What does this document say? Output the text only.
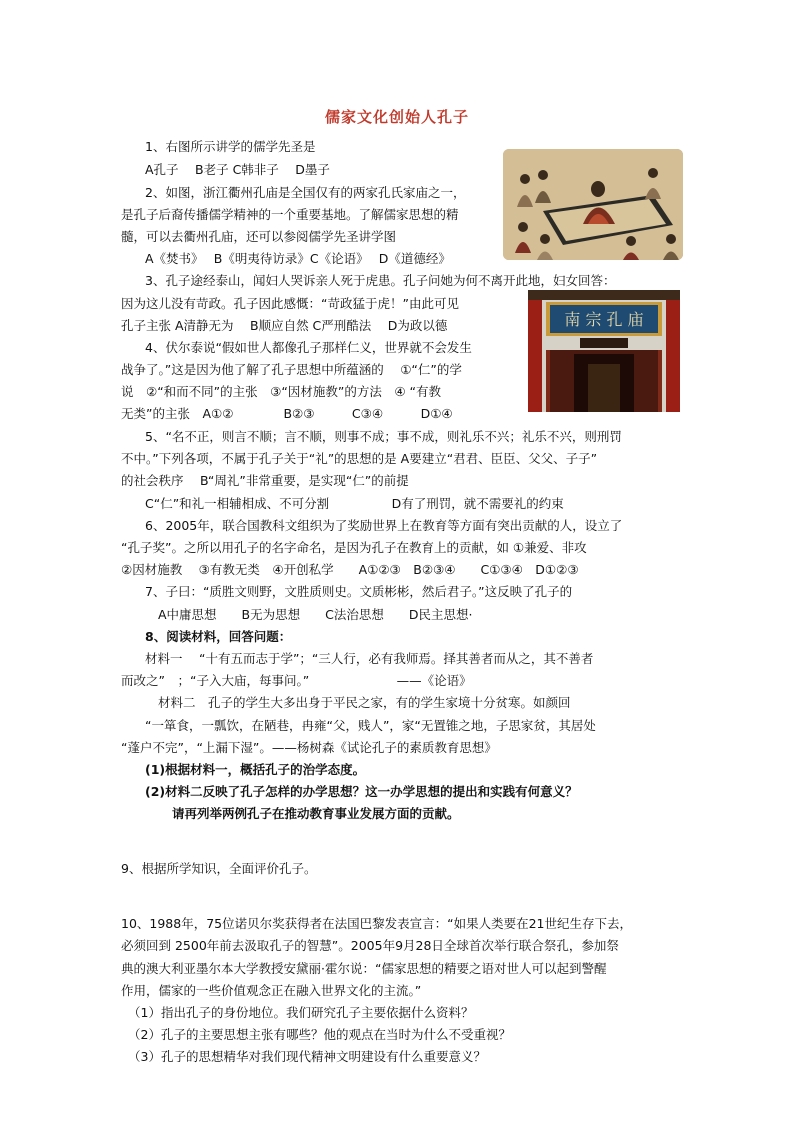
儒家文化创始人孔子
南 宗 孔 庙
1、右图所示讲学的儒学先圣是
A孔子　 B老子 C韩非子　 D墨子
2、如图，浙江衢州孔庙是全国仅有的两家孔氏家庙之一，
是孔子后裔传播儒学精神的一个重要基地。了解儒家思想的精
髓，可以去衢州孔庙，还可以参阅儒学先圣讲学图
A《焚书》　 B《明夷待访录》C《论语》　 D《道德经》
3、孔子途经泰山，闻妇人哭诉亲人死于虎患。孔子问她为何不离开此地，妇女回答：
因为这儿没有苛政。孔子因此感慨：“苛政猛于虎！”由此可见
孔子主张 A清静无为　 B顺应自然 C严刑酷法　 D为政以德
4、伏尔泰说“假如世人都像孔子那样仁义，世界就不会发生
战争了。”这是因为他了解了孔子思想中所蕴涵的　 ①“仁”的学
说　②“和而不同”的主张　③“因材施教”的方法　④ “有教
无类”的主张　A①②　　　　B②③　　　C③④　　　D①④
5、“名不正，则言不顺；言不顺，则事不成；事不成，则礼乐不兴；礼乐不兴，则刑罚
不中。”下列各项，不属于孔子关于“礼”的思想的是 A要建立“君君、臣臣、父父、子子”
的社会秩序　 B“周礼”非常重要，是实现“仁”的前提
C“仁”和礼一相辅相成、不可分割　　　　　D有了刑罚，就不需要礼的约束
6、2005年，联合国教科文组织为了奖励世界上在教育等方面有突出贡献的人，设立了
“孔子奖”。之所以用孔子的名字命名，是因为孔子在教育上的贡献，如 ①兼爱、非攻
②因材施教　 ③有教无类　④开创私学　　A①②③　B②③④　　C①③④　D①②③
7、子曰：“质胜文则野，文胜质则史。文质彬彬，然后君子。”这反映了孔子的
A中庸思想　　B无为思想　　C法治思想　　D民主思想·
8、阅读材料，回答问题：
材料一　 “十有五而志于学”；“三人行，必有我师焉。择其善者而从之，其不善者
而改之”　；“子入大庙，每事问。”　　　　　　　——《论语》
材料二　孔子的学生大多出身于平民之家，有的学生家境十分贫寒。如颜回
“一箪食，一瓢饮，在陋巷，冉雍“父，贱人”，家“无置锥之地，子思家贫，其居处
“蓬户不完”，“上漏下湿”。——杨树森《试论孔子的素质教育思想》
(1)根据材料一，概括孔子的治学态度。
(2)材料二反映了孔子怎样的办学思想？这一办学思想的提出和实践有何意义？
请再列举两例孔子在推动教育事业发展方面的贡献。
9、根据所学知识，全面评价孔子。
10、1988年，75位诺贝尔奖获得者在法国巴黎发表宣言：“如果人类要在21世纪生存下去，
必须回到 2500年前去汲取孔子的智慧”。2005年9月28日全球首次举行联合祭孔，参加祭
典的澳大利亚墨尔本大学教授安黛丽·霍尔说：“儒家思想的精要之语对世人可以起到警醒
作用，儒家的一些价值观念正在融入世界文化的主流。”
（1）指出孔子的身份地位。我们研究孔子主要依据什么资料？
（2）孔子的主要思想主张有哪些？他的观点在当时为什么不受重视？
（3）孔子的思想精华对我们现代精神文明建设有什么重要意义？
